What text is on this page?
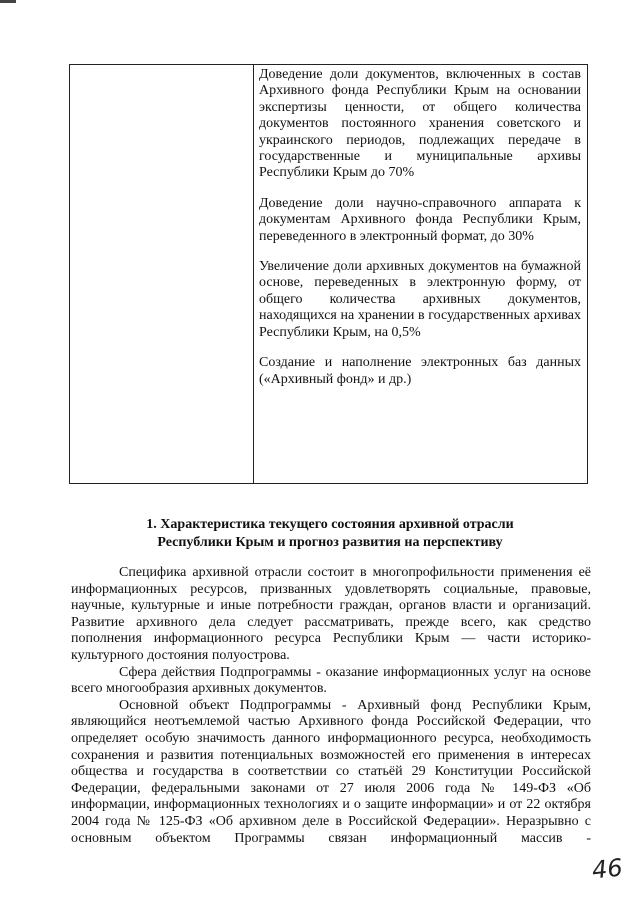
Доведение доли документов, включенных в состав Архивного фонда Республики Крым на основании экспертизы ценности, от общего количества документов постоянного хранения советского и украинского периодов, подлежащих передаче в государственные и муниципальные архивы Республики Крым до 70%

Доведение доли научно-справочного аппарата к документам Архивного фонда Республики Крым, переведенного в электронный формат, до 30%

Увеличение доли архивных документов на бумажной основе, переведенных в электронную форму, от общего количества архивных документов, находящихся на хранении в государственных архивах Республики Крым, на 0,5%

Создание и наполнение электронных баз данных («Архивный фонд» и др.)

1. Характеристика текущего состояния архивной отрасли Республики Крым и прогноз развития на перспективу

Специфика архивной отрасли состоит в многопрофильности применения её информационных ресурсов, призванных удовлетворять социальные, правовые, научные, культурные и иные потребности граждан, органов власти и организаций. Развитие архивного дела следует рассматривать, прежде всего, как средство пополнения информационного ресурса Республики Крым — части историко-культурного достояния полуострова.

Сфера действия Подпрограммы - оказание информационных услуг на основе всего многообразия архивных документов.

Основной объект Подпрограммы - Архивный фонд Республики Крым, являющийся неотъемлемой частью Архивного фонда Российской Федерации, что определяет особую значимость данного информационного ресурса, необходимость сохранения и развития потенциальных возможностей его применения в интересах общества и государства в соответствии со статьёй 29 Конституции Российской Федерации, федеральными законами от 27 июля 2006 года № 149-ФЗ «Об информации, информационных технологиях и о защите информации» и от 22 октября 2004 года № 125-ФЗ «Об архивном деле в Российской Федерации». Неразрывно с основным объектом Программы связан информационный массив -

46
